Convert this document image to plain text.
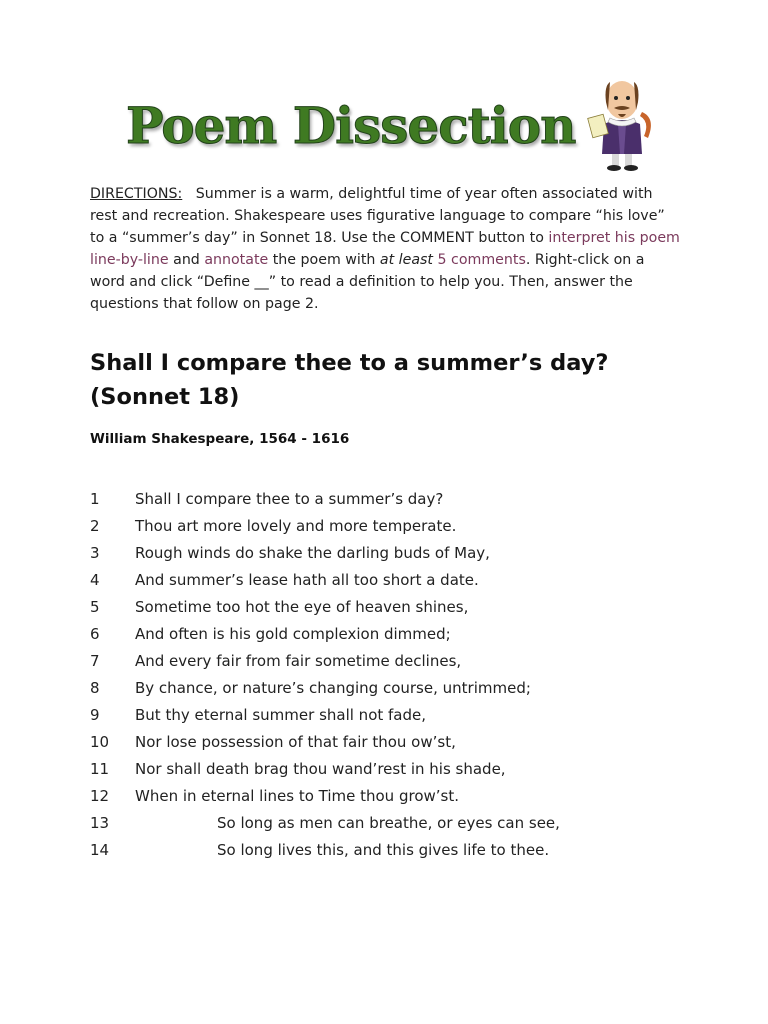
Poem Dissection
DIRECTIONS: Summer is a warm, delightful time of year often associated with rest and recreation. Shakespeare uses figurative language to compare “his love” to a “summer’s day” in Sonnet 18. Use the COMMENT button to interpret his poem line-by-line and annotate the poem with at least 5 comments. Right-click on a word and click “Define __” to read a definition to help you. Then, answer the questions that follow on page 2.
Shall I compare thee to a summer’s day? (Sonnet 18)
William Shakespeare, 1564 - 1616
1 Shall I compare thee to a summer’s day?
2 Thou art more lovely and more temperate.
3 Rough winds do shake the darling buds of May,
4 And summer’s lease hath all too short a date.
5 Sometime too hot the eye of heaven shines,
6 And often is his gold complexion dimmed;
7 And every fair from fair sometime declines,
8 By chance, or nature’s changing course, untrimmed;
9 But thy eternal summer shall not fade,
10 Nor lose possession of that fair thou ow’st,
11 Nor shall death brag thou wand’rest in his shade,
12 When in eternal lines to Time thou grow’st.
13	So long as men can breathe, or eyes can see,
14	So long lives this, and this gives life to thee.
